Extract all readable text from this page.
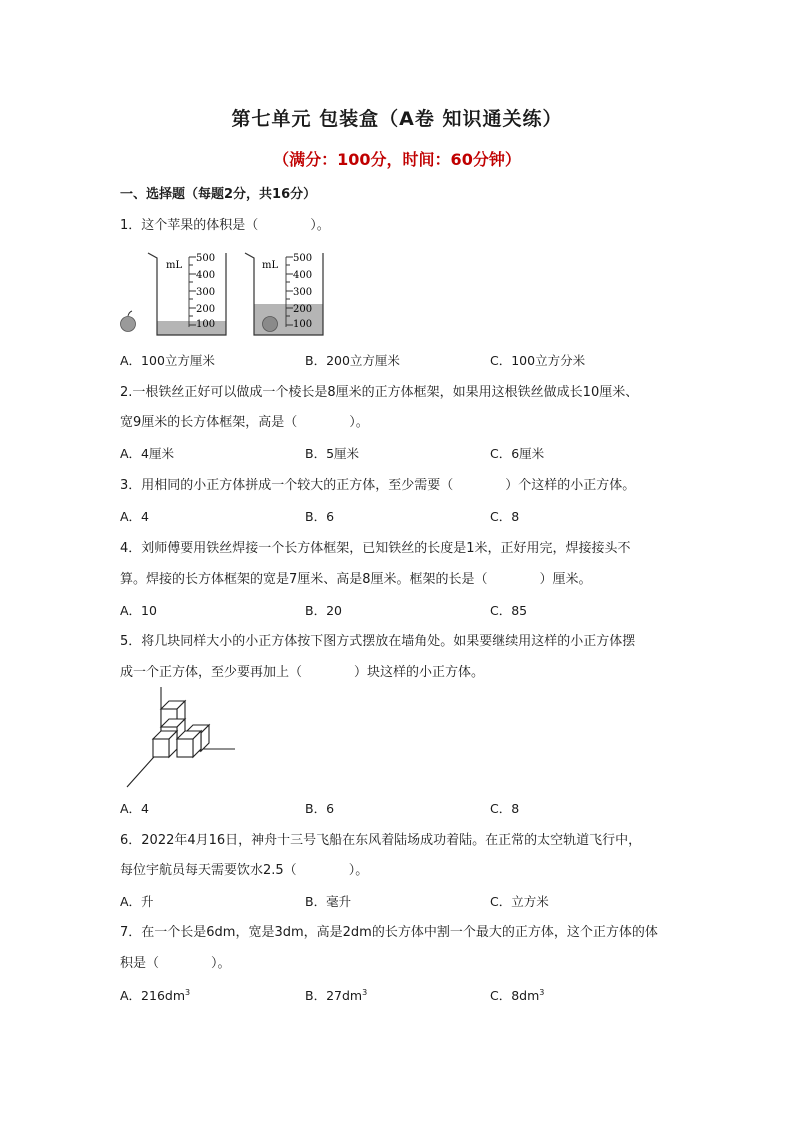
第七单元 包装盒（A卷 知识通关练）
（满分：100分，时间：60分钟）
一、选择题（每题2分，共16分）
1．这个苹果的体积是（	）。
mL
500
400
300
200
100
mL
500
400
300
200
100
A．100立方厘米	B．200立方厘米	C．100立方分米
2.一根铁丝正好可以做成一个棱长是8厘米的正方体框架，如果用这根铁丝做成长10厘米、
宽9厘米的长方体框架，高是（	）。
A．4厘米	B．5厘米	C．6厘米
3．用相同的小正方体拼成一个较大的正方体，至少需要（	）个这样的小正方体。
A．4	B．6	C．8
4．刘师傅要用铁丝焊接一个长方体框架，已知铁丝的长度是1米，正好用完，焊接接头不
算。焊接的长方体框架的宽是7厘米、高是8厘米。框架的长是（	）厘米。
A．10	B．20	C．85
5．将几块同样大小的小正方体按下图方式摆放在墙角处。如果要继续用这样的小正方体摆
成一个正方体，至少要再加上（	）块这样的小正方体。
A．4	B．6	C．8
6．2022年4月16日，神舟十三号飞船在东风着陆场成功着陆。在正常的太空轨道飞行中，
每位宇航员每天需要饮水2.5（	）。
A．升	B．毫升	C．立方米
7．在一个长是6dm，宽是3dm，高是2dm的长方体中割一个最大的正方体，这个正方体的体
积是（	）。
A．$216dm^3$	B．$27dm^3$	C．$8dm^3$
